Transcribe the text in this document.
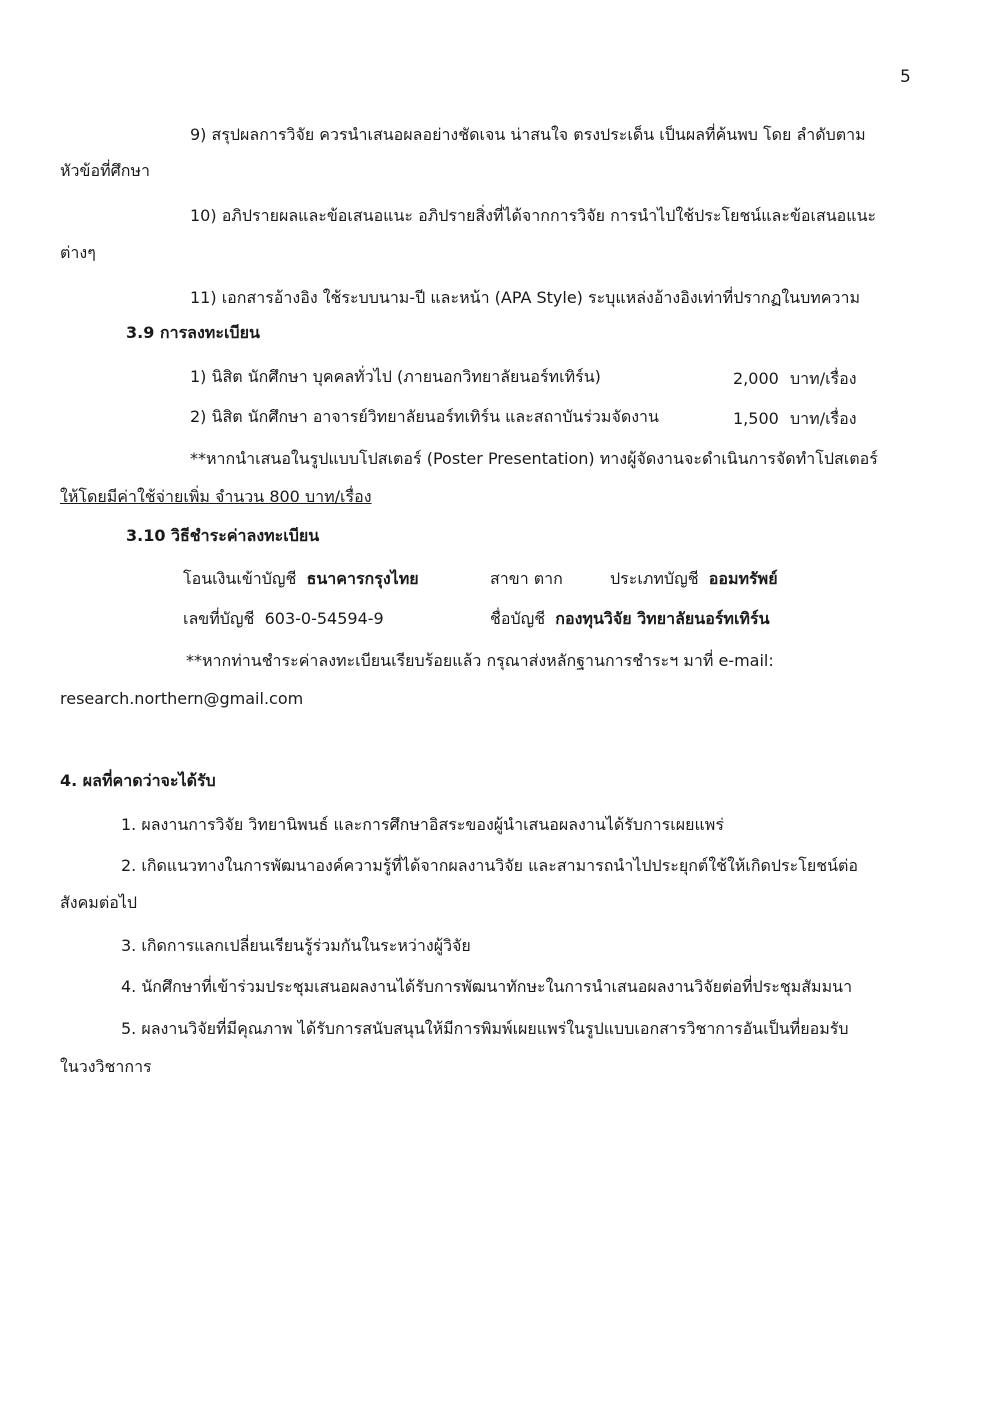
5
9) สรุปผลการวิจัย ควรนำเสนอผลอย่างชัดเจน น่าสนใจ ตรงประเด็น เป็นผลที่ค้นพบ โดย ลำดับตาม
หัวข้อที่ศึกษา
10) อภิปรายผลและข้อเสนอแนะ อภิปรายสิ่งที่ได้จากการวิจัย การนำไปใช้ประโยชน์และข้อเสนอแนะ
ต่างๆ
11) เอกสารอ้างอิง ใช้ระบบนาม-ปี และหน้า (APA Style) ระบุแหล่งอ้างอิงเท่าที่ปรากฏในบทความ
3.9 การลงทะเบียน
1) นิสิต นักศึกษา บุคคลทั่วไป (ภายนอกวิทยาลัยนอร์ทเทิร์น)	2,000 บาท/เรื่อง
2) นิสิต นักศึกษา อาจารย์วิทยาลัยนอร์ทเทิร์น และสถาบันร่วมจัดงาน	1,500 บาท/เรื่อง
**หากนำเสนอในรูปแบบโปสเตอร์ (Poster Presentation) ทางผู้จัดงานจะดำเนินการจัดทำโปสเตอร์
ให้โดยมีค่าใช้จ่ายเพิ่ม จำนวน 800 บาท/เรื่อง
3.10 วิธีชำระค่าลงทะเบียน
โอนเงินเข้าบัญชี ธนาคารกรุงไทย	สาขา ตาก	ประเภทบัญชี ออมทรัพย์
เลขที่บัญชี 603-0-54594-9	ชื่อบัญชี กองทุนวิจัย วิทยาลัยนอร์ทเทิร์น
**หากท่านชำระค่าลงทะเบียนเรียบร้อยแล้ว กรุณาส่งหลักฐานการชำระฯ มาที่ e-mail:
research.northern@gmail.com
4. ผลที่คาดว่าจะได้รับ
1. ผลงานการวิจัย วิทยานิพนธ์ และการศึกษาอิสระของผู้นำเสนอผลงานได้รับการเผยแพร่
2. เกิดแนวทางในการพัฒนาองค์ความรู้ที่ได้จากผลงานวิจัย และสามารถนำไปประยุกต์ใช้ให้เกิดประโยชน์ต่อ
สังคมต่อไป
3. เกิดการแลกเปลี่ยนเรียนรู้ร่วมกันในระหว่างผู้วิจัย
4. นักศึกษาที่เข้าร่วมประชุมเสนอผลงานได้รับการพัฒนาทักษะในการนำเสนอผลงานวิจัยต่อที่ประชุมสัมมนา
5. ผลงานวิจัยที่มีคุณภาพ ได้รับการสนับสนุนให้มีการพิมพ์เผยแพร่ในรูปแบบเอกสารวิชาการอันเป็นที่ยอมรับ
ในวงวิชาการ
